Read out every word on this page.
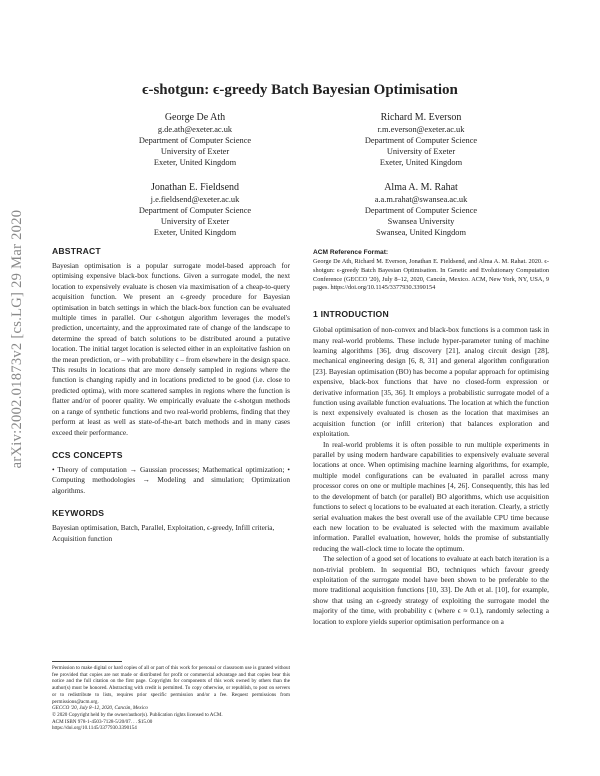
ϵ-shotgun: ϵ-greedy Batch Bayesian Optimisation
George De Ath
g.de.ath@exeter.ac.uk
Department of Computer Science
University of Exeter
Exeter, United Kingdom
Richard M. Everson
r.m.everson@exeter.ac.uk
Department of Computer Science
University of Exeter
Exeter, United Kingdom
Jonathan E. Fieldsend
j.e.fieldsend@exeter.ac.uk
Department of Computer Science
University of Exeter
Exeter, United Kingdom
Alma A. M. Rahat
a.a.m.rahat@swansea.ac.uk
Department of Computer Science
Swansea University
Swansea, United Kingdom
arXiv:2002.01873v2 [cs.LG] 29 Mar 2020	ABSTRACT
Bayesian optimisation is a popular surrogate model-based approach for optimising expensive black-box functions. Given a surrogate model, the next location to expensively evaluate is chosen via maximisation of a cheap-to-query acquisition function. We present an ϵ-greedy procedure for Bayesian optimisation in batch settings in which the black-box function can be evaluated multiple times in parallel. Our ϵ-shotgun algorithm leverages the model's prediction, uncertainty, and the approximated rate of change of the landscape to determine the spread of batch solutions to be distributed around a putative location. The initial target location is selected either in an exploitative fashion on the mean prediction, or – with probability ϵ – from elsewhere in the design space. This results in locations that are more densely sampled in regions where the function is changing rapidly and in locations predicted to be good (i.e. close to predicted optima), with more scattered samples in regions where the function is flatter and/or of poorer quality. We empirically evaluate the ϵ-shotgun methods on a range of synthetic functions and two real-world problems, finding that they perform at least as well as state-of-the-art batch methods and in many cases exceed their performance.
CCS CONCEPTS
• Theory of computation → Gaussian processes; Mathematical optimization; • Computing methodologies → Modeling and simulation; Optimization algorithms.
KEYWORDS
Bayesian optimisation, Batch, Parallel, Exploitation, ϵ-greedy, Infill criteria, Acquisition function
Permission to make digital or hard copies of all or part of this work for personal or classroom use is granted without fee provided that copies are not made or distributed for profit or commercial advantage and that copies bear this notice and the full citation on the first page. Copyrights for components of this work owned by others than the author(s) must be honored. Abstracting with credit is permitted. To copy otherwise, or republish, to post on servers or to redistribute to lists, requires prior specific permission and/or a fee. Request permissions from permissions@acm.org.
GECCO '20, July 8–12, 2020, Cancún, Mexico
© 2020 Copyright held by the owner/author(s). Publication rights licensed to ACM.
ACM ISBN 978-1-4503-7128-5/20/07. . . $15.00
https://doi.org/10.1145/3377930.3390154
ACM Reference Format:
George De Ath, Richard M. Everson, Jonathan E. Fieldsend, and Alma A. M. Rahat. 2020. ϵ-shotgun: ϵ-greedy Batch Bayesian Optimisation. In Genetic and Evolutionary Computation Conference (GECCO '20), July 8–12, 2020, Cancún, Mexico. ACM, New York, NY, USA, 9 pages. https://doi.org/10.1145/3377930.3390154
1 INTRODUCTION

Global optimisation of non-convex and black-box functions is a common task in many real-world problems. These include hyper-parameter tuning of machine learning algorithms [36], drug discovery [21], analog circuit design [28], mechanical engineering design [6, 8, 31] and general algorithm configuration [23]. Bayesian optimisation (BO) has become a popular approach for optimising expensive, black-box functions that have no closed-form expression or derivative information [35, 36]. It employs a probabilistic surrogate model of a function using available function evaluations. The location at which the function is next expensively evaluated is chosen as the location that maximises an acquisition function (or infill criterion) that balances exploration and exploitation.

In real-world problems it is often possible to run multiple experiments in parallel by using modern hardware capabilities to expensively evaluate several locations at once. When optimising machine learning algorithms, for example, multiple model configurations can be evaluated in parallel across many processor cores on one or multiple machines [4, 26]. Consequently, this has led to the development of batch (or parallel) BO algorithms, which use acquisition functions to select q locations to be evaluated at each iteration. Clearly, a strictly serial evaluation makes the best overall use of the available CPU time because each new location to be evaluated is selected with the maximum available information. Parallel evaluation, however, holds the promise of substantially reducing the wall-clock time to locate the optimum.

The selection of a good set of locations to evaluate at each batch iteration is a non-trivial problem. In sequential BO, techniques which favour greedy exploitation of the surrogate model have been shown to be preferable to the more traditional acquisition functions [10, 33]. De Ath et al. [10], for example, show that using an ϵ-greedy strategy of exploiting the surrogate model the majority of the time, with probability ϵ (where ϵ ≈ 0.1), randomly selecting a location to explore yields superior optimisation performance on a
